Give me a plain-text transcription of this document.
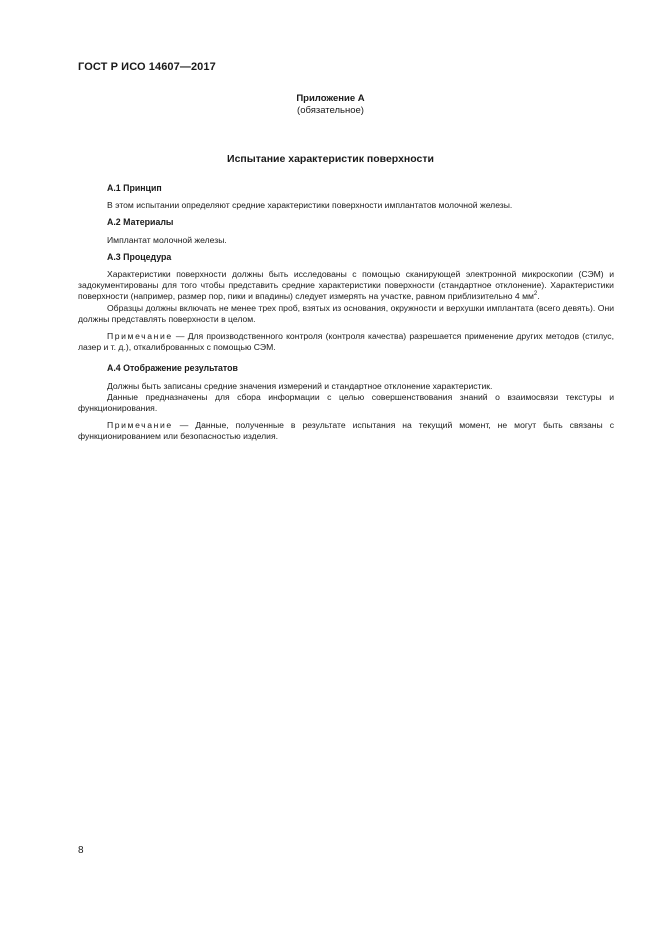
ГОСТ Р ИСО 14607—2017
Приложение А
(обязательное)
Испытание характеристик поверхности

А.1 Принцип

В этом испытании определяют средние характеристики поверхности имплантатов молочной железы.

А.2 Материалы

Имплантат молочной железы.

А.3 Процедура

Характеристики поверхности должны быть исследованы с помощью сканирующей электронной микроскопии (СЭМ) и задокументированы для того чтобы представить средние характеристики поверхности (стандартное отклонение). Характеристики поверхности (например, размер пор, пики и впадины) следует измерять на участке, равном приблизительно 4 $мм^2$.

Образцы должны включать не менее трех проб, взятых из основания, окружности и верхушки имплантата (всего девять). Они должны представлять поверхности в целом.

Примечание — Для производственного контроля (контроля качества) разрешается применение других методов (стилус, лазер и т. д.), откалиброванных с помощью СЭМ.

А.4 Отображение результатов

Должны быть записаны средние значения измерений и стандартное отклонение характеристик.

Данные предназначены для сбора информации с целью совершенствования знаний о взаимосвязи текстуры и функционирования.

Примечание — Данные, полученные в результате испытания на текущий момент, не могут быть связаны с функционированием или безопасностью изделия.

8
